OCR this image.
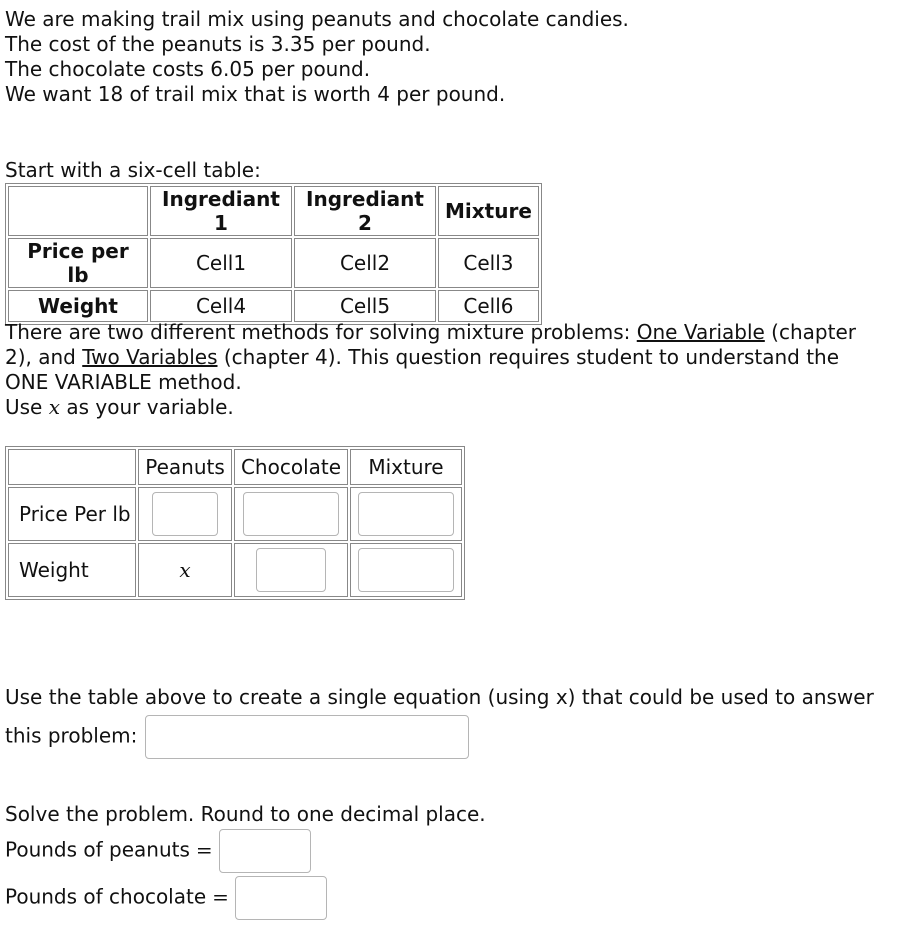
We are making trail mix using peanuts and chocolate candies.
The cost of the peanuts is 3.35 per pound.
The chocolate costs 6.05 per pound.
We want 18 of trail mix that is worth 4 per pound.
Start with a six-cell table:
	Ingrediant 1	Ingrediant 2	Mixture
Price per lb	Cell1	Cell2	Cell3
Weight	Cell4	Cell5	Cell6
There are two different methods for solving mixture problems: One Variable (chapter 2), and Two Variables (chapter 4). This question requires student to understand the ONE VARIABLE method.
Use x as your variable.
	Peanuts	Chocolate	Mixture
Price Per lb			
Weight	x		
Use the table above to create a single equation (using x) that could be used to answer this problem:
Solve the problem. Round to one decimal place.
Pounds of peanuts =
Pounds of chocolate =
